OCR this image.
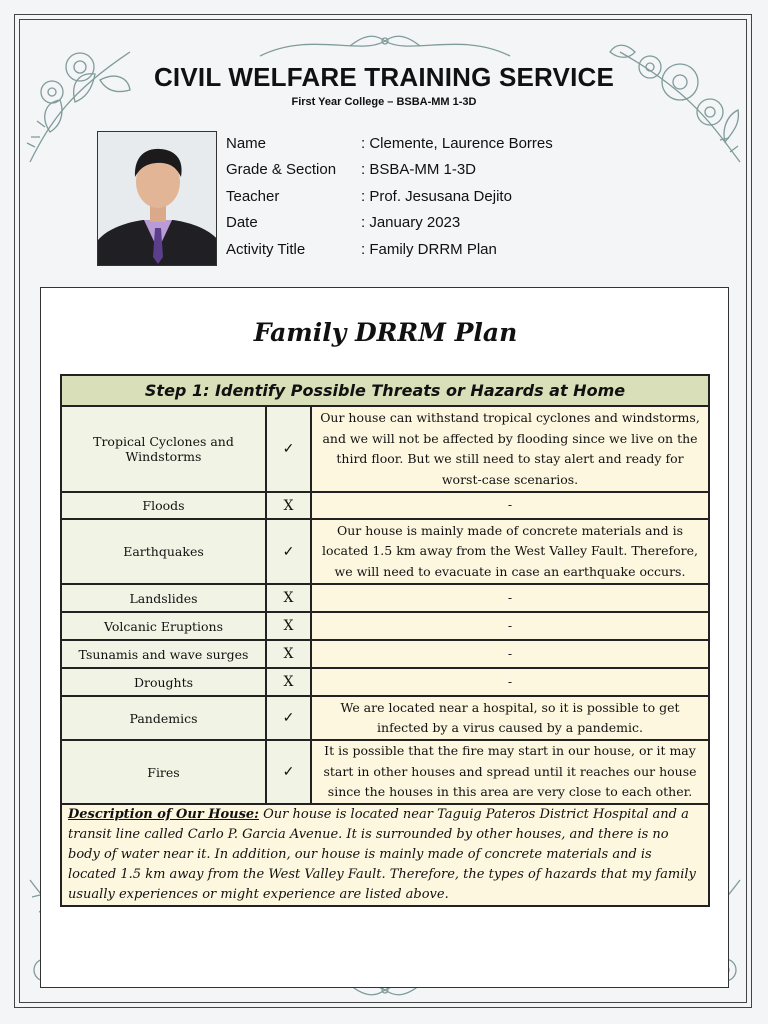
CIVIL WELFARE TRAINING SERVICE
First Year College – BSBA-MM 1-3D
Name	: Clemente, Laurence Borres
Grade & Section : BSBA-MM 1-3D
Teacher	: Prof. Jesusana Dejito
Date	: January 2023
Activity Title	: Family DRRM Plan
Family DRRM Plan
Step 1: Identify Possible Threats or Hazards at Home		
Tropical Cyclones and Windstorms	✓	Our house can withstand tropical cyclones and windstorms, and we will not be affected by flooding since we live on the third floor. But we still need to stay alert and ready for worst-case scenarios.
Floods	X	-
Earthquakes	✓	Our house is mainly made of concrete materials and is located 1.5 km away from the West Valley Fault. Therefore, we will need to evacuate in case an earthquake occurs.
Landslides	X	-
Volcanic Eruptions	X	-
Tsunamis and wave surges	X	-
Droughts	X	-
Pandemics	✓	We are located near a hospital, so it is possible to get infected by a virus caused by a pandemic.
Fires	✓	It is possible that the fire may start in our house, or it may start in other houses and spread until it reaches our house since the houses in this area are very close to each other.
Description of Our House: Our house is located near Taguig Pateros District Hospital and a transit line called Carlo P. Garcia Avenue. It is surrounded by other houses, and there is no body of water near it. In addition, our house is mainly made of concrete materials and is located 1.5 km away from the West Valley Fault. Therefore, the types of hazards that my family usually experiences or might experience are listed above.		
